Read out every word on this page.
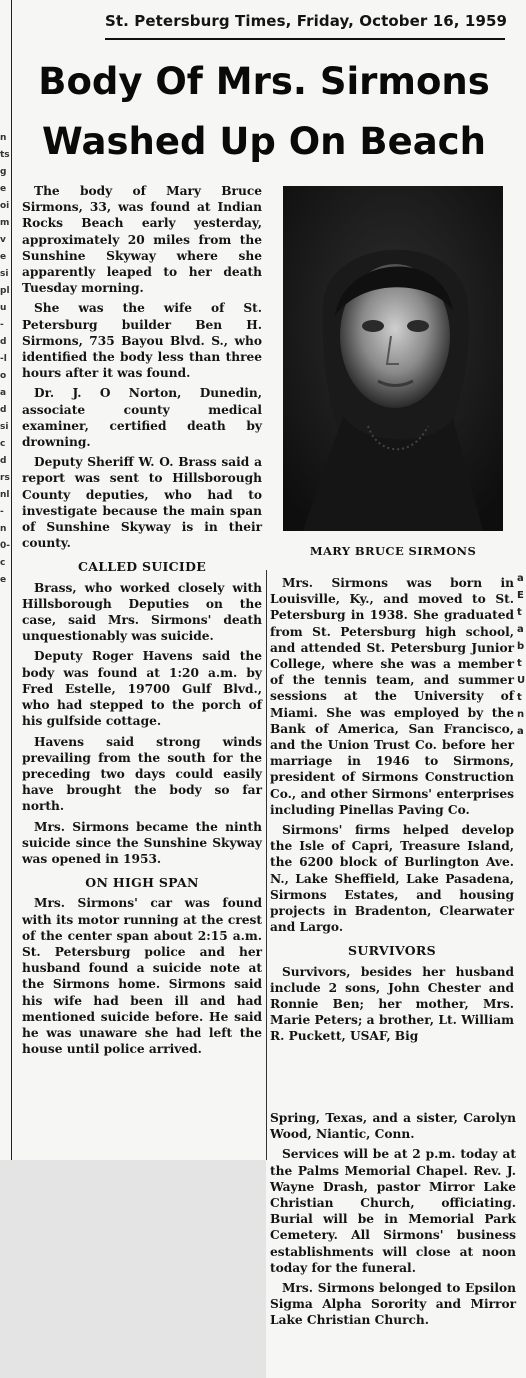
ntsgeoimvesiplu-d-loadsicdrsnl-n0-ce	aEtabtUtna
St. Petersburg Times, Friday, October 16, 1959
Body Of Mrs. Sirmons
Washed Up On Beach

The body of Mary Bruce Sirmons, 33, was found at Indian Rocks Beach early yesterday, approximately 20 miles from the Sunshine Skyway where she apparently leaped to her death Tuesday morning.

She was the wife of St. Petersburg builder Ben H. Sirmons, 735 Bayou Blvd. S., who identified the body less than three hours after it was found.

Dr. J. O Norton, Dunedin, associate county medical examiner, certified death by drowning.

Deputy Sheriff W. O. Brass said a report was sent to Hillsborough County deputies, who had to investigate because the main span of Sunshine Skyway is in their county.

CALLED SUICIDE

Brass, who worked closely with Hillsborough Deputies on the case, said Mrs. Sirmons' death unquestionably was suicide.

Deputy Roger Havens said the body was found at 1:20 a.m. by Fred Estelle, 19700 Gulf Blvd., who had stepped to the porch of his gulfside cottage.

Havens said strong winds prevailing from the south for the preceding two days could easily have brought the body so far north.

Mrs. Sirmons became the ninth suicide since the Sunshine Skyway was opened in 1953.

ON HIGH SPAN

Mrs. Sirmons' car was found with its motor running at the crest of the center span about 2:15 a.m. St. Petersburg police and her husband found a suicide note at the Sirmons home. Sirmons said his wife had been ill and had mentioned suicide before. He said he was unaware she had left the house until police arrived.

MARY BRUCE SIRMONS

Mrs. Sirmons was born in Louisville, Ky., and moved to St. Petersburg in 1938. She graduated from St. Petersburg high school, and attended St. Petersburg Junior College, where she was a member of the tennis team, and summer sessions at the University of Miami. She was employed by the Bank of America, San Francisco, and the Union Trust Co. before her marriage in 1946 to Sirmons, president of Sirmons Construction Co., and other Sirmons' enterprises including Pinellas Paving Co.

Sirmons' firms helped develop the Isle of Capri, Treasure Island, the 6200 block of Burlington Ave. N., Lake Sheffield, Lake Pasadena, Sirmons Estates, and housing projects in Bradenton, Clearwater and Largo.

SURVIVORS

Survivors, besides her husband include 2 sons, John Chester and Ronnie Ben; her mother, Mrs. Marie Peters; a brother, Lt. William R. Puckett, USAF, Big

Spring, Texas, and a sister, Carolyn Wood, Niantic, Conn.

Services will be at 2 p.m. today at the Palms Memorial Chapel. Rev. J. Wayne Drash, pastor Mirror Lake Christian Church, officiating. Burial will be in Memorial Park Cemetery. All Sirmons' business establishments will close at noon today for the funeral.

Mrs. Sirmons belonged to Epsilon Sigma Alpha Sorority and Mirror Lake Christian Church.
